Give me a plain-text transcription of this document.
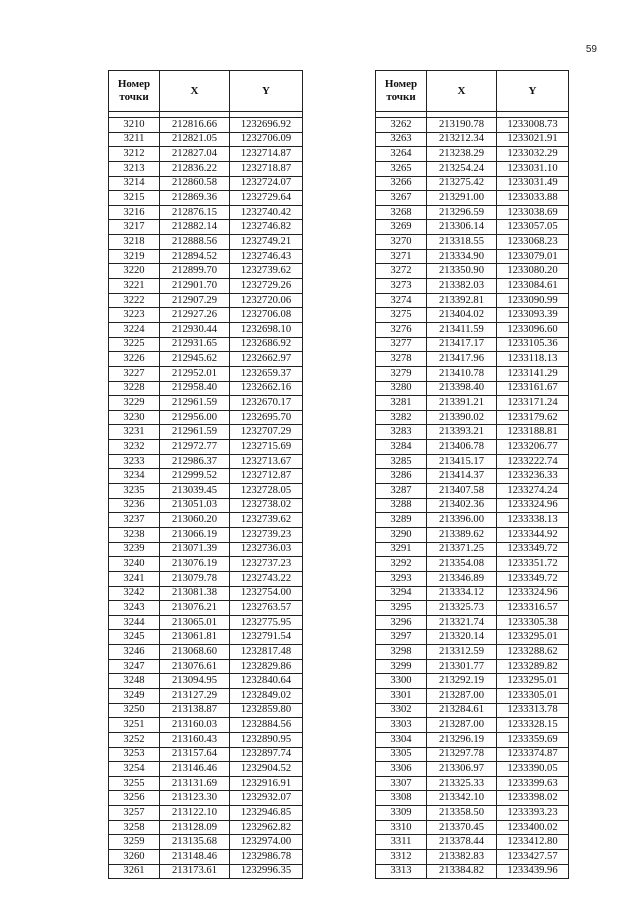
59
Номер
точки	X	Y

3210	212816.66	1232696.92
3211	212821.05	1232706.09
3212	212827.04	1232714.87
3213	212836.22	1232718.87
3214	212860.58	1232724.07
3215	212869.36	1232729.64
3216	212876.15	1232740.42
3217	212882.14	1232746.82
3218	212888.56	1232749.21
3219	212894.52	1232746.43
3220	212899.70	1232739.62
3221	212901.70	1232729.26
3222	212907.29	1232720.06
3223	212927.26	1232706.08
3224	212930.44	1232698.10
3225	212931.65	1232686.92
3226	212945.62	1232662.97
3227	212952.01	1232659.37
3228	212958.40	1232662.16
3229	212961.59	1232670.17
3230	212956.00	1232695.70
3231	212961.59	1232707.29
3232	212972.77	1232715.69
3233	212986.37	1232713.67
3234	212999.52	1232712.87
3235	213039.45	1232728.05
3236	213051.03	1232738.02
3237	213060.20	1232739.62
3238	213066.19	1232739.23
3239	213071.39	1232736.03
3240	213076.19	1232737.23
3241	213079.78	1232743.22
3242	213081.38	1232754.00
3243	213076.21	1232763.57
3244	213065.01	1232775.95
3245	213061.81	1232791.54
3246	213068.60	1232817.48
3247	213076.61	1232829.86
3248	213094.95	1232840.64
3249	213127.29	1232849.02
3250	213138.87	1232859.80
3251	213160.03	1232884.56
3252	213160.43	1232890.95
3253	213157.64	1232897.74
3254	213146.46	1232904.52
3255	213131.69	1232916.91
3256	213123.30	1232932.07
3257	213122.10	1232946.85
3258	213128.09	1232962.82
3259	213135.68	1232974.00
3260	213148.46	1232986.78
3261	213173.61	1232996.35
Номер
точки	X	Y

3262	213190.78	1233008.73
3263	213212.34	1233021.91
3264	213238.29	1233032.29
3265	213254.24	1233031.10
3266	213275.42	1233031.49
3267	213291.00	1233033.88
3268	213296.59	1233038.69
3269	213306.14	1233057.05
3270	213318.55	1233068.23
3271	213334.90	1233079.01
3272	213350.90	1233080.20
3273	213382.03	1233084.61
3274	213392.81	1233090.99
3275	213404.02	1233093.39
3276	213411.59	1233096.60
3277	213417.17	1233105.36
3278	213417.96	1233118.13
3279	213410.78	1233141.29
3280	213398.40	1233161.67
3281	213391.21	1233171.24
3282	213390.02	1233179.62
3283	213393.21	1233188.81
3284	213406.78	1233206.77
3285	213415.17	1233222.74
3286	213414.37	1233236.33
3287	213407.58	1233274.24
3288	213402.36	1233324.96
3289	213396.00	1233338.13
3290	213389.62	1233344.92
3291	213371.25	1233349.72
3292	213354.08	1233351.72
3293	213346.89	1233349.72
3294	213334.12	1233324.96
3295	213325.73	1233316.57
3296	213321.74	1233305.38
3297	213320.14	1233295.01
3298	213312.59	1233288.62
3299	213301.77	1233289.82
3300	213292.19	1233295.01
3301	213287.00	1233305.01
3302	213284.61	1233313.78
3303	213287.00	1233328.15
3304	213296.19	1233359.69
3305	213297.78	1233374.87
3306	213306.97	1233390.05
3307	213325.33	1233399.63
3308	213342.10	1233398.02
3309	213358.50	1233393.23
3310	213370.45	1233400.02
3311	213378.44	1233412.80
3312	213382.83	1233427.57
3313	213384.82	1233439.96
